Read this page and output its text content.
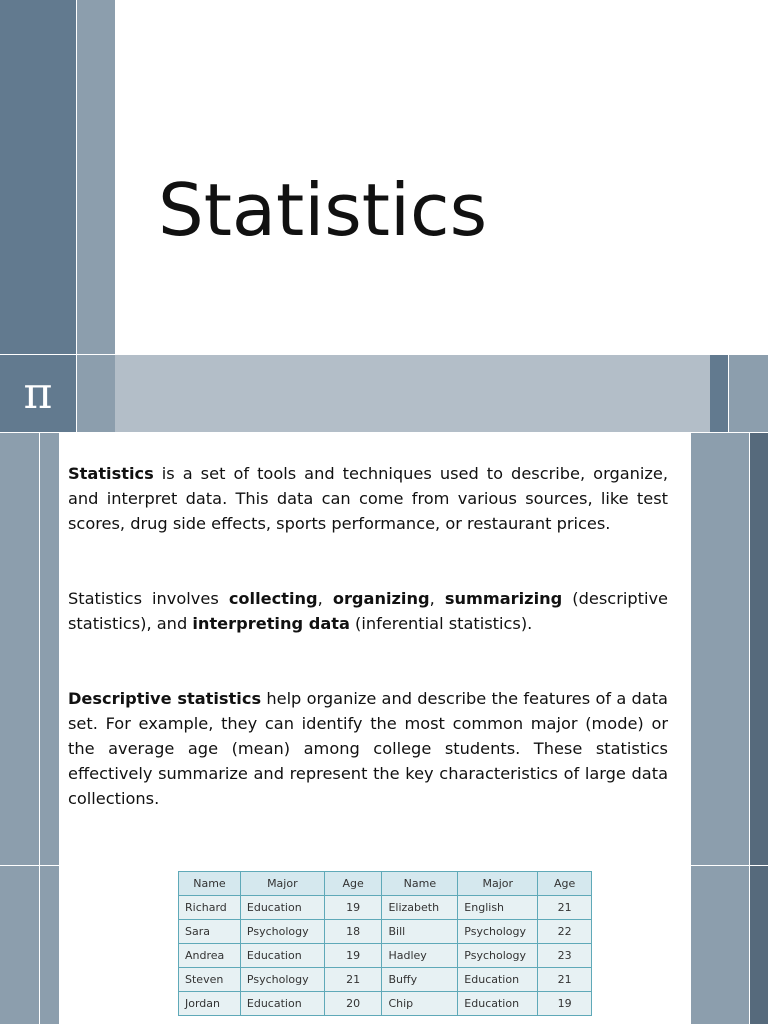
Statistics
π

Statistics is a set of tools and techniques used to describe, organize, and interpret data. This data can come from various sources, like test scores, drug side effects, sports performance, or restaurant prices.

Statistics involves collecting, organizing, summarizing (descriptive statistics), and interpreting data (inferential statistics).

Descriptive statistics help organize and describe the features of a data set. For example, they can identify the most common major (mode) or the average age (mean) among college students. These statistics effectively summarize and represent the key characteristics of large data collections.

Name	Major	Age	Name	Major	Age
Richard	Education	19	Elizabeth	English	21
Sara	Psychology	18	Bill	Psychology	22
Andrea	Education	19	Hadley	Psychology	23
Steven	Psychology	21	Buffy	Education	21
Jordan	Education	20	Chip	Education	19
